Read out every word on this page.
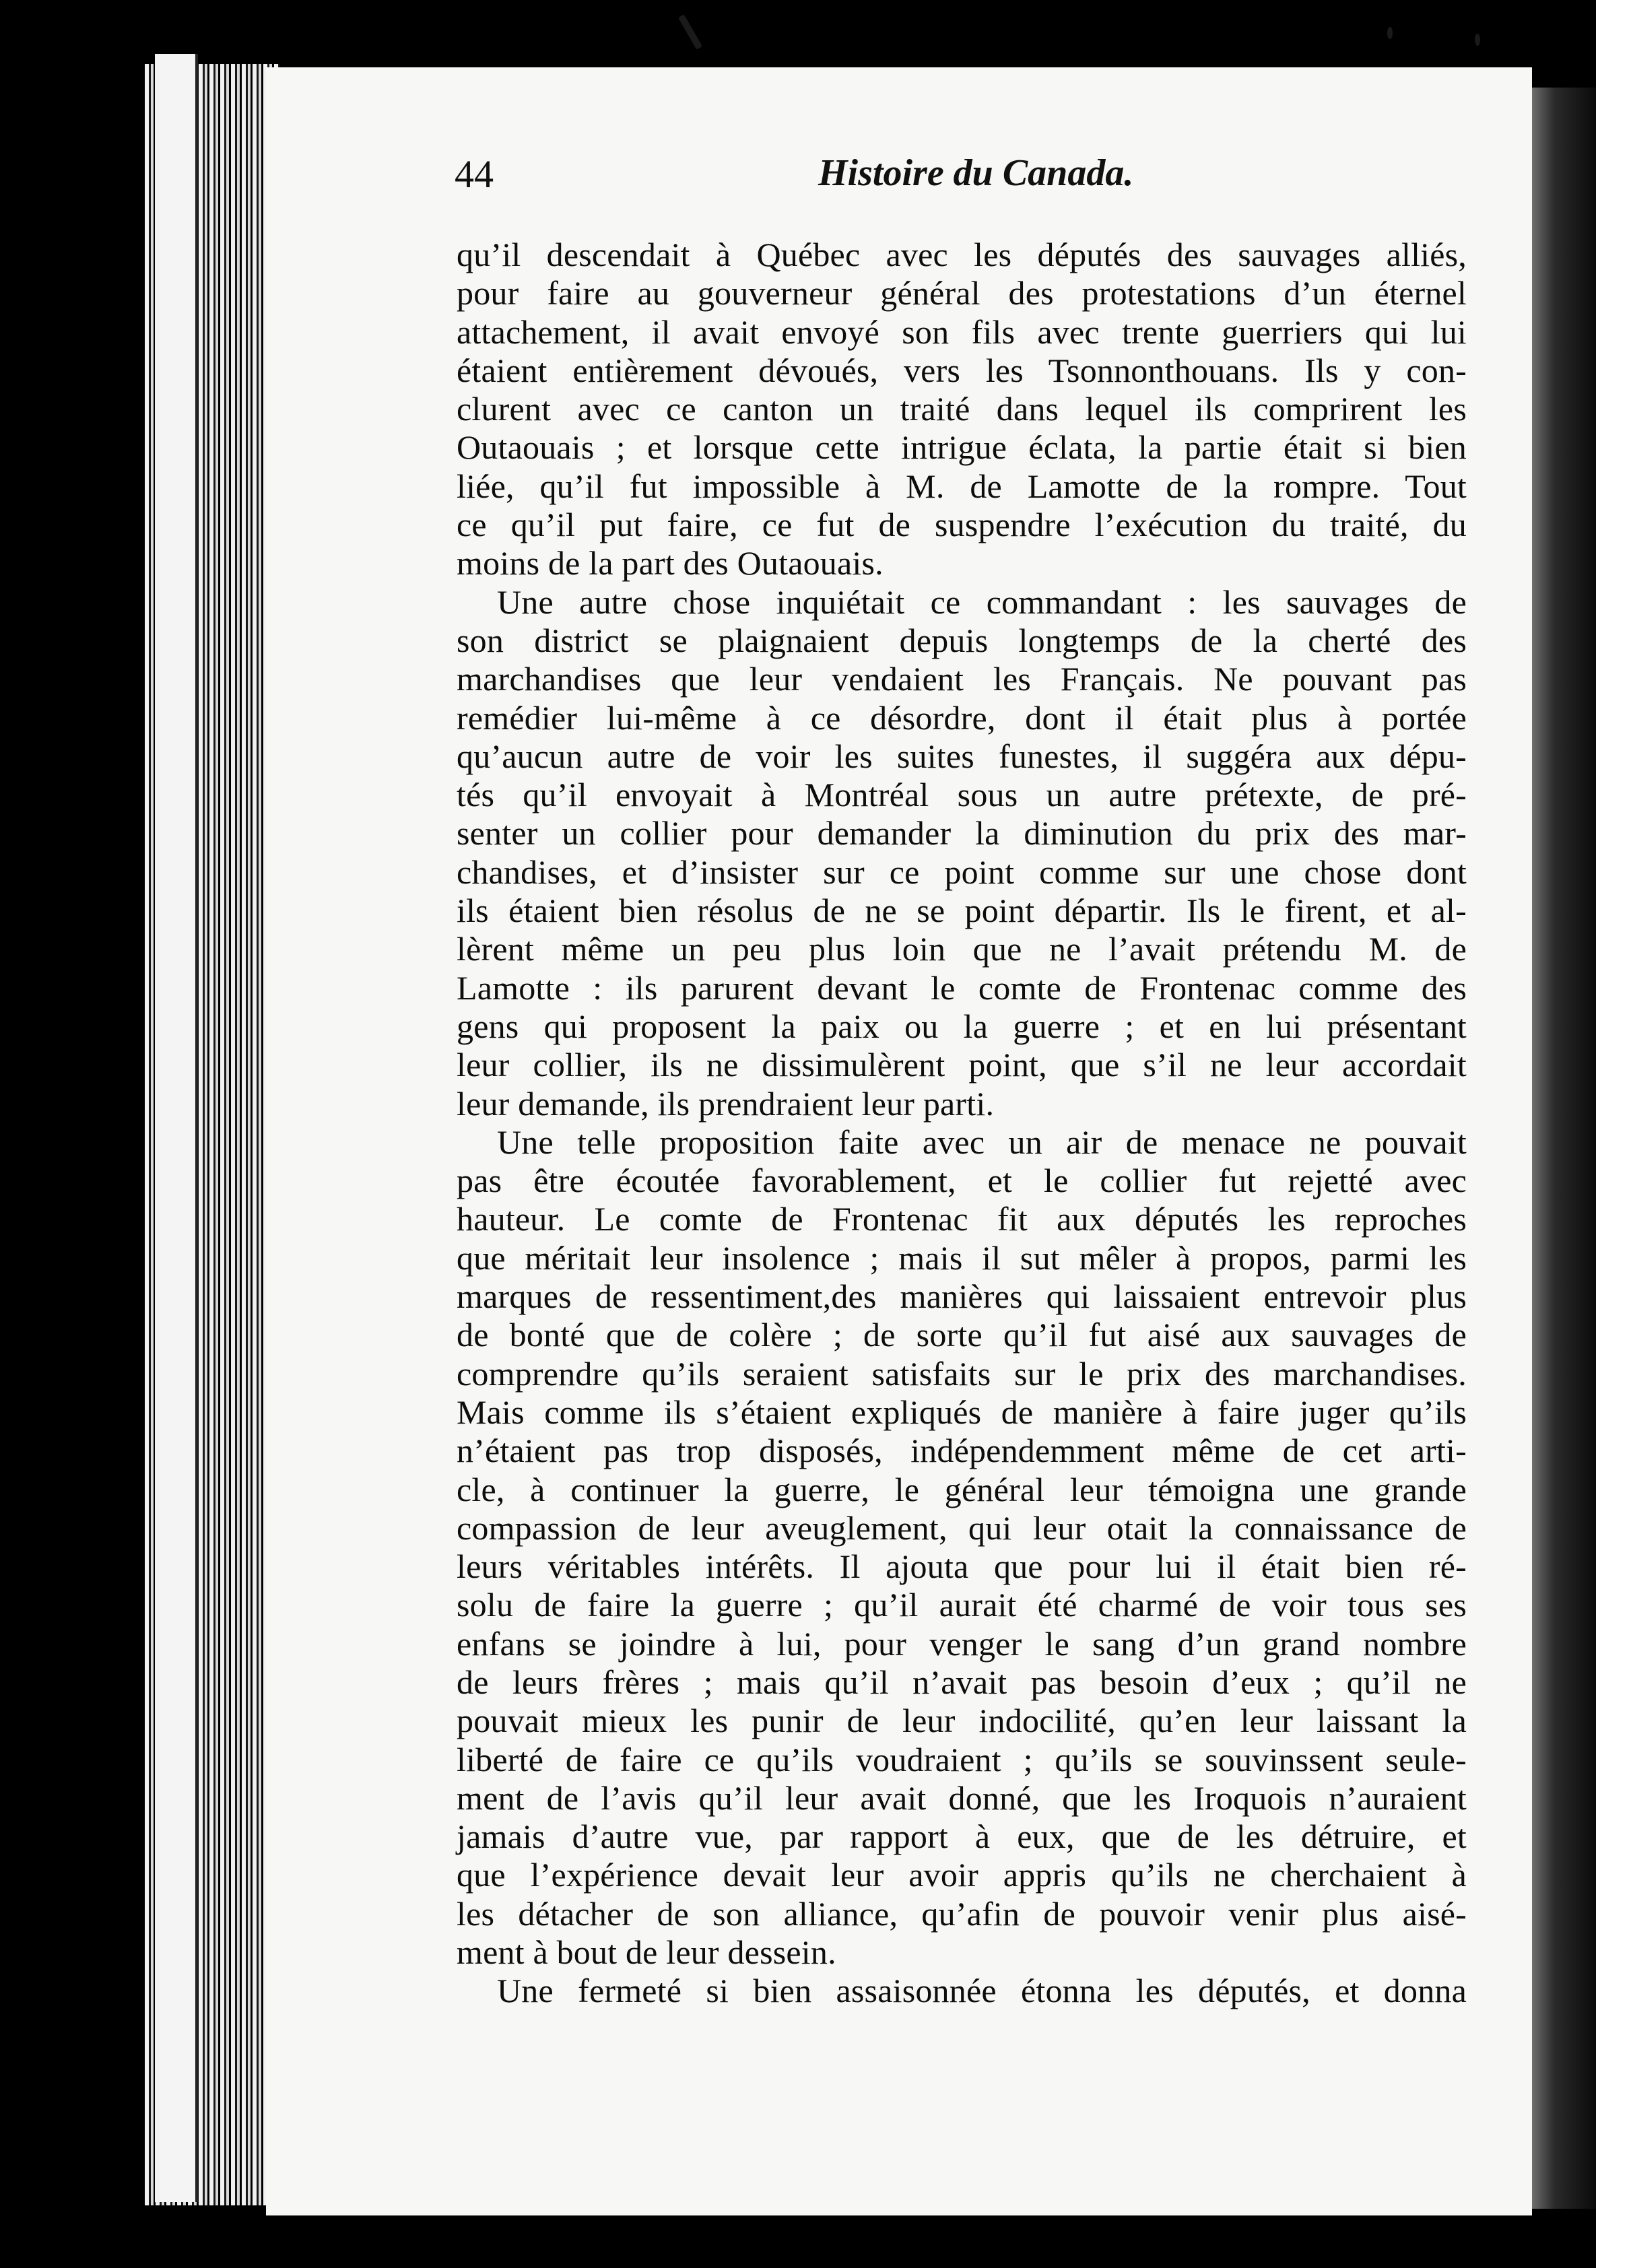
44	Histoire du Canada.
qu’il descendait à Québec avec les députés des sauvages alliés,
pour faire au gouverneur général des protestations d’un éternel
attachement, il avait envoyé son fils avec trente guerriers qui lui
étaient entièrement dévoués, vers les Tsonnonthouans. Ils y con-
clurent avec ce canton un traité dans lequel ils comprirent les
Outaouais ; et lorsque cette intrigue éclata, la partie était si bien
liée, qu’il fut impossible à M. de Lamotte de la rompre. Tout
ce qu’il put faire, ce fut de suspendre l’exécution du traité, du
moins de la part des Outaouais.
Une autre chose inquiétait ce commandant : les sauvages de
son district se plaignaient depuis longtemps de la cherté des
marchandises que leur vendaient les Français. Ne pouvant pas
remédier lui-même à ce désordre, dont il était plus à portée
qu’aucun autre de voir les suites funestes, il suggéra aux dépu-
tés qu’il envoyait à Montréal sous un autre prétexte, de pré-
senter un collier pour demander la diminution du prix des mar-
chandises, et d’insister sur ce point comme sur une chose dont
ils étaient bien résolus de ne se point départir. Ils le firent, et al-
lèrent même un peu plus loin que ne l’avait prétendu M. de
Lamotte : ils parurent devant le comte de Frontenac comme des
gens qui proposent la paix ou la guerre ; et en lui présentant
leur collier, ils ne dissimulèrent point, que s’il ne leur accordait
leur demande, ils prendraient leur parti.
Une telle proposition faite avec un air de menace ne pouvait
pas être écoutée favorablement, et le collier fut rejetté avec
hauteur. Le comte de Frontenac fit aux députés les reproches
que méritait leur insolence ; mais il sut mêler à propos, parmi les
marques de ressentiment,des manières qui laissaient entrevoir plus
de bonté que de colère ; de sorte qu’il fut aisé aux sauvages de
comprendre qu’ils seraient satisfaits sur le prix des marchandises.
Mais comme ils s’étaient expliqués de manière à faire juger qu’ils
n’étaient pas trop disposés, indépendemment même de cet arti-
cle, à continuer la guerre, le général leur témoigna une grande
compassion de leur aveuglement, qui leur otait la connaissance de
leurs véritables intérêts. Il ajouta que pour lui il était bien ré-
solu de faire la guerre ; qu’il aurait été charmé de voir tous ses
enfans se joindre à lui, pour venger le sang d’un grand nombre
de leurs frères ; mais qu’il n’avait pas besoin d’eux ; qu’il ne
pouvait mieux les punir de leur indocilité, qu’en leur laissant la
liberté de faire ce qu’ils voudraient ; qu’ils se souvinssent seule-
ment de l’avis qu’il leur avait donné, que les Iroquois n’auraient
jamais d’autre vue, par rapport à eux, que de les détruire, et
que l’expérience devait leur avoir appris qu’ils ne cherchaient à
les détacher de son alliance, qu’afin de pouvoir venir plus aisé-
ment à bout de leur dessein.
Une fermeté si bien assaisonnée étonna les députés, et donna
